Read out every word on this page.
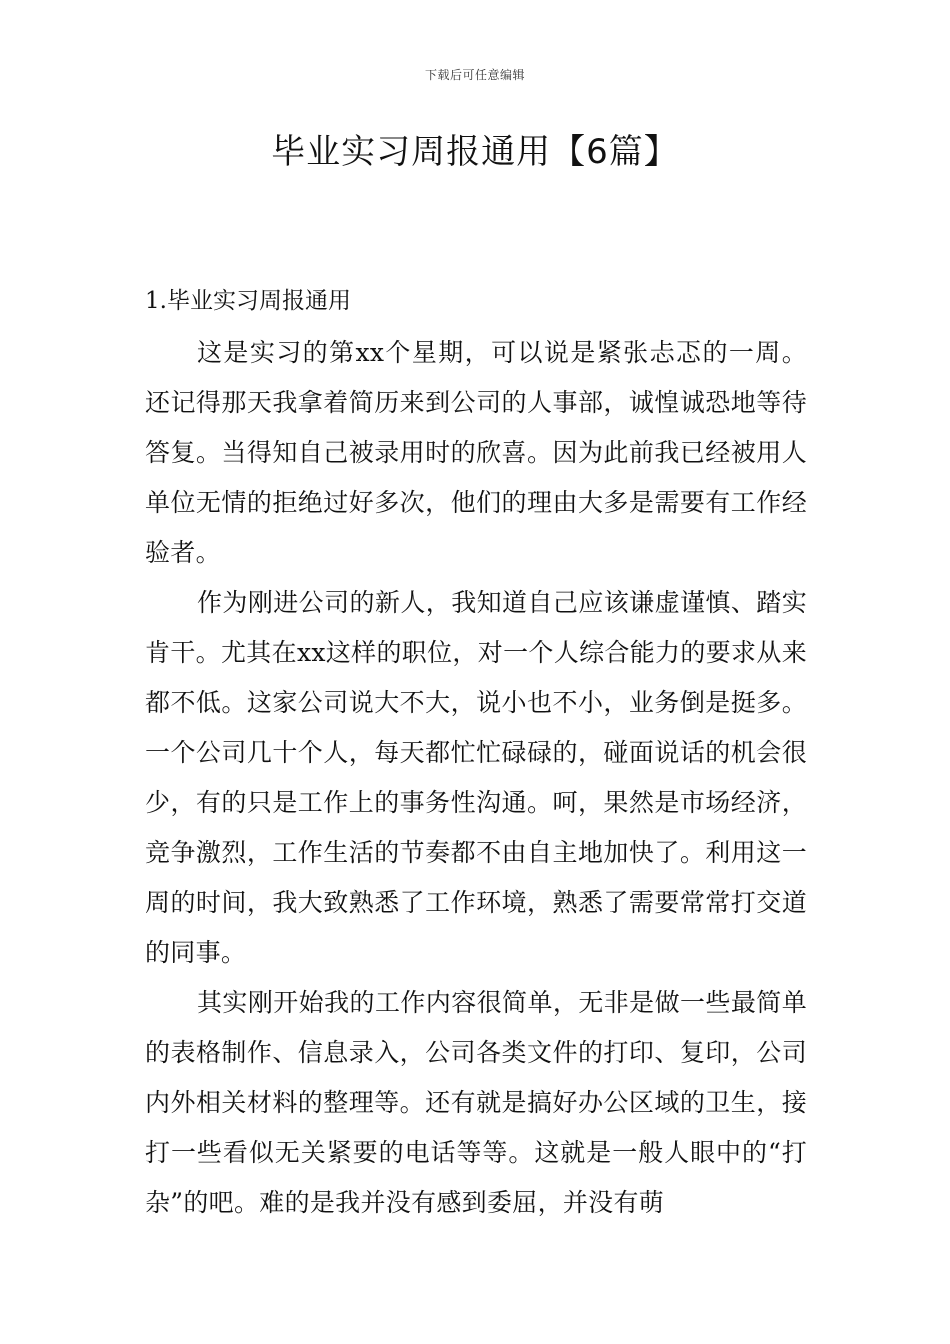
下载后可任意编辑
毕业实习周报通用【6篇】
1.毕业实习周报通用

这是实习的第xx个星期，可以说是紧张忐忑的一周。还记得那天我拿着简历来到公司的人事部，诚惶诚恐地等待答复。当得知自己被录用时的欣喜。因为此前我已经被用人单位无情的拒绝过好多次，他们的理由大多是需要有工作经验者。

作为刚进公司的新人，我知道自己应该谦虚谨慎、踏实肯干。尤其在xx这样的职位，对一个人综合能力的要求从来都不低。这家公司说大不大，说小也不小，业务倒是挺多。一个公司几十个人，每天都忙忙碌碌的，碰面说话的机会很少，有的只是工作上的事务性沟通。呵，果然是市场经济，竞争激烈，工作生活的节奏都不由自主地加快了。利用这一周的时间，我大致熟悉了工作环境，熟悉了需要常常打交道的同事。

其实刚开始我的工作内容很简单，无非是做一些最简单的表格制作、信息录入，公司各类文件的打印、复印，公司内外相关材料的整理等。还有就是搞好办公区域的卫生，接打一些看似无关紧要的电话等等。这就是一般人眼中的“打杂”的吧。难的是我并没有感到委屈，并没有萌
